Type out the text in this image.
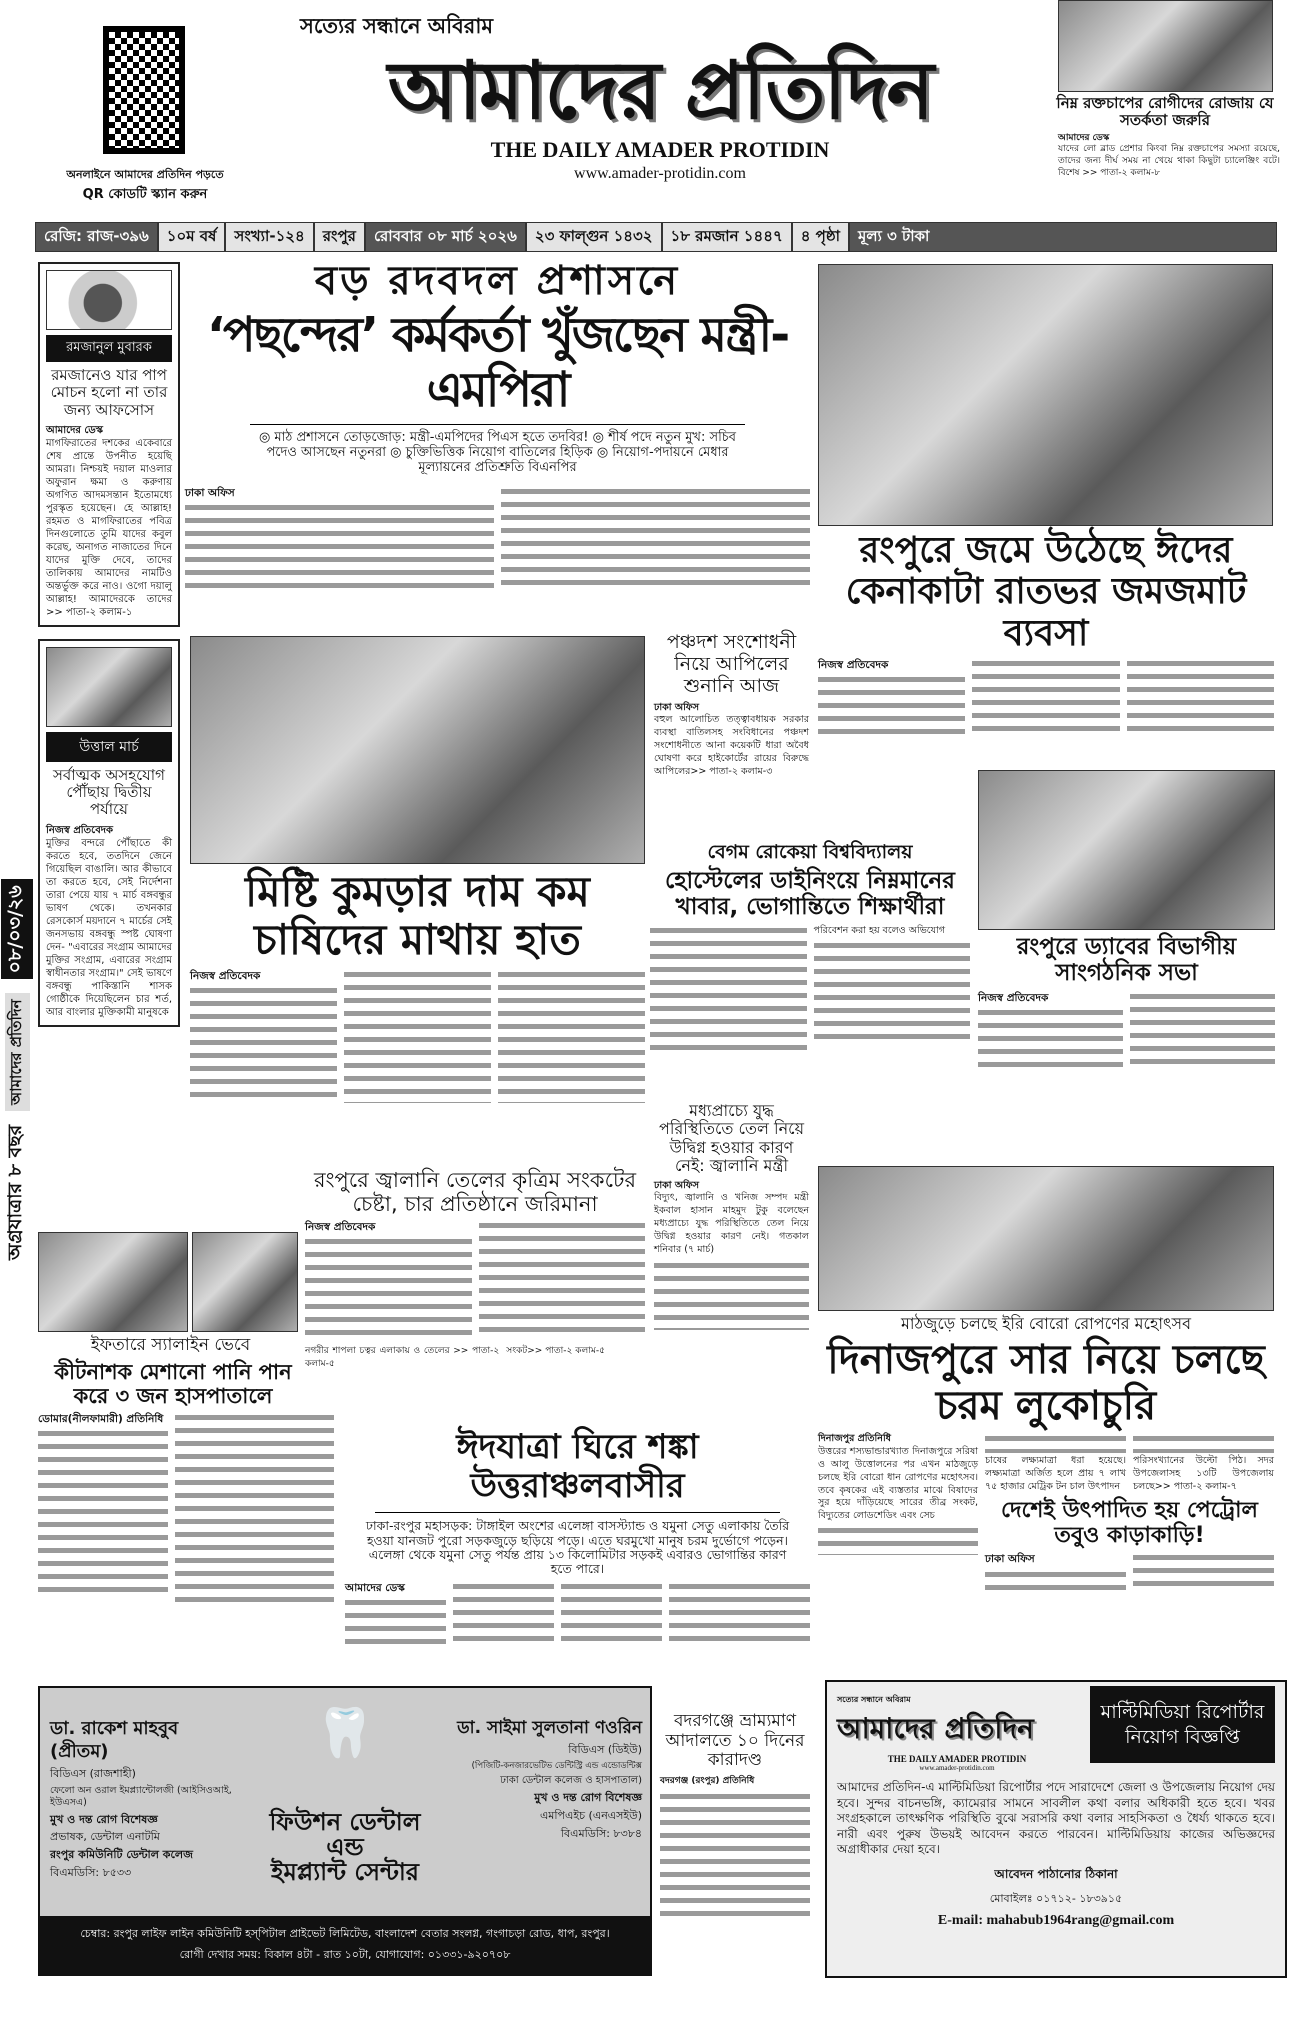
অনলাইনে আমাদের প্রতিদিন পড়তে
QR কোডটি স্ক্যান করুন
সত্যের সন্ধানে অবিরাম
আমাদের প্রতিদিন
THE DAILY AMADER PROTIDIN
www.amader-protidin.com
নিম্ন রক্তচাপের রোগীদের রোজায় যে সতর্কতা জরুরি
আমাদের ডেস্ক
যাদের লো ব্লাড প্রেশার কিংবা নিম্ন রক্তচাপের সমস্যা রয়েছে, তাদের জন্য দীর্ঘ সময় না খেয়ে থাকা কিছুটা চ্যালেঞ্জিং বটে। বিশেষ >> পাতা-২ কলাম-৮
রেজি: রাজ-৩৯৬	১০ম বর্ষ	সংখ্যা-১২৪	রংপুর	রোববার ০৮ মার্চ ২০২৬	২৩ ফাল্গুন ১৪৩২	১৮ রমজান ১৪৪৭	৪ পৃষ্ঠা	মূল্য ৩ টাকা
অগ্রযাত্রার ৮ বছর
আমাদের প্রতিদিন
০৮/০৩/২৬
রমজানুল মুবারক
রমজানেও যার পাপ মোচন হলো না তার জন্য আফসোস
আমাদের ডেস্ক
মাগফিরাতের দশকের একেবারে শেষ প্রান্তে উপনীত হয়েছি আমরা। নিশ্চয়ই দয়াল মাওলার অফুরান ক্ষমা ও করুণায় অগণিত আদমসন্তান ইতোমধ্যে পুরস্কৃত হয়েছেন। হে আল্লাহ! রহমত ও মাগফিরাতের পবিত্র দিনগুলোতে তুমি যাদের কবুল করেছ, অনাগত নাজাতের দিনে যাদের মুক্তি দেবে, তাদের তালিকায় আমাদের নামটিও অন্তর্ভুক্ত করে নাও। ওগো দয়ালু আল্লাহ! আমাদেরকে তাদের >> পাতা-২ কলাম-১
উত্তাল মার্চ
সর্বাত্মক অসহযোগ পৌঁছায় দ্বিতীয় পর্যায়ে
নিজস্ব প্রতিবেদক
মুক্তির বন্দরে পৌঁছাতে কী করতে হবে, ততদিনে জেনে গিয়েছিল বাঙালি। আর কীভাবে তা করতে হবে, সেই নির্দেশনা তারা পেয়ে যায় ৭ মার্চ বঙ্গবন্ধুর ভাষণ থেকে। তখনকার রেসকোর্স ময়দানে ৭ মার্চের সেই জনসভায় বঙ্গবন্ধু স্পষ্ট ঘোষণা দেন- "এবারের সংগ্রাম আমাদের মুক্তির সংগ্রাম, এবারের সংগ্রাম স্বাধীনতার সংগ্রাম।" সেই ভাষণে বঙ্গবন্ধু পাকিস্তানি শাসক গোষ্ঠীকে দিয়েছিলেন চার শর্ত, আর বাংলার মুক্তিকামী মানুষকে
ইফতারে স্যালাইন ভেবে
কীটনাশক মেশানো পানি পান করে ৩ জন হাসপাতালে
ডোমার(নীলফামারী) প্রতিনিধি
বড় রদবদল প্রশাসনে
‘পছন্দের’ কর্মকর্তা খুঁজছেন মন্ত্রী-এমপিরা
◎ মাঠ প্রশাসনে তোড়জোড়: মন্ত্রী-এমপিদের পিএস হতে তদবির! ◎ শীর্ষ পদে নতুন মুখ: সচিব পদেও আসছেন নতুনরা ◎ চুক্তিভিত্তিক নিয়োগ বাতিলের হিড়িক ◎ নিয়োগ-পদায়নে মেধার মূল্যায়নের প্রতিশ্রুতি বিএনপির
ঢাকা অফিস
মিষ্টি কুমড়ার দাম কম চাষিদের মাথায় হাত
নিজস্ব প্রতিবেদক
পঞ্চদশ সংশোধনী নিয়ে আপিলের শুনানি আজ
ঢাকা অফিস
বহুল আলোচিত তত্ত্বাবধায়ক সরকার ব্যবস্থা বাতিলসহ সংবিধানের পঞ্চদশ সংশোধনীতে আনা কয়েকটি ধারা অবৈধ ঘোষণা করে হাইকোর্টের রায়ের বিরুদ্ধে আপিলের>> পাতা-২ কলাম-৩
বেগম রোকেয়া বিশ্ববিদ্যালয়
হোস্টেলের ডাইনিংয়ে নিম্নমানের খাবার, ভোগান্তিতে শিক্ষার্থীরা
পরিবেশন করা হয় বলেও অভিযোগ
রংপুরে জমে উঠেছে ঈদের কেনাকাটা রাতভর জমজমাট ব্যবসা
নিজস্ব প্রতিবেদক
রংপুরে ড্যাবের বিভাগীয় সাংগঠনিক সভা
নিজস্ব প্রতিবেদক
মধ্যপ্রাচ্যে যুদ্ধ পরিস্থিতিতে তেল নিয়ে উদ্বিগ্ন হওয়ার কারণ নেই: জ্বালানি মন্ত্রী
ঢাকা অফিস
বিদ্যুৎ, জ্বালানি ও খনিজ সম্পদ মন্ত্রী ইকবাল হাসান মাহমুদ টুকু বলেছেন মধ্যপ্রাচ্যে যুদ্ধ পরিস্থিতিতে তেল নিয়ে উদ্বিগ্ন হওয়ার কারণ নেই। গতকাল শনিবার (৭ মার্চ)
রংপুরে জ্বালানি তেলের কৃত্রিম সংকটের চেষ্টা, চার প্রতিষ্ঠানে জরিমানা
নিজস্ব প্রতিবেদক
নগরীর শাপলা চত্বর এলাকায় ও তেলের >> পাতা-২ কলাম-৫
সংকট>> পাতা-২ কলাম-৫
ঈদযাত্রা ঘিরে শঙ্কা উত্তরাঞ্চলবাসীর
ঢাকা-রংপুর মহাসড়ক: টাঙ্গাইল অংশের এলেঙ্গা বাসস্ট্যান্ড ও যমুনা সেতু এলাকায় তৈরি হওয়া যানজট পুরো সড়কজুড়ে ছড়িয়ে পড়ে। এতে ঘরমুখো মানুষ চরম দুর্ভোগে পড়েন। এলেঙ্গা থেকে যমুনা সেতু পর্যন্ত প্রায় ১৩ কিলোমিটার সড়কই এবারও ভোগান্তির কারণ হতে পারে।
আমাদের ডেস্ক
বদরগঞ্জে ভ্রাম্যমাণ আদালতে ১০ দিনের কারাদণ্ড
বদরগঞ্জ (রংপুর) প্রতিনিধি
মাঠজুড়ে চলছে ইরি বোরো রোপণের মহোৎসব
দিনাজপুরে সার নিয়ে চলছে চরম লুকোচুরি
দিনাজপুর প্রতিনিধি
উত্তরের শস্যভান্ডারখ্যাত দিনাজপুরে সরিষা ও আলু উত্তোলনের পর এখন মাঠজুড়ে চলছে ইরি বোরো ধান রোপণের মহোৎসব। তবে কৃষকের এই ব্যস্ততার মাঝে বিষাদের সুর হয়ে দাঁড়িয়েছে সারের তীব্র সংকট, বিদ্যুতের লোডশেডিং এবং সেচ
চাষের লক্ষ্যমাত্রা ধরা হয়েছে। লক্ষ্যমাত্রা অর্জিত হলে প্রায় ৭ লাখ ৭৫ হাজার মেট্রিক টন চাল উৎপাদন
পরিসংখ্যানের উল্টো পিঠ। সদর উপজেলাসহ ১৩টি উপজেলায় চলছে>> পাতা-২ কলাম-৭
দেশেই উৎপাদিত হয় পেট্রোল তবুও কাড়াকাড়ি!
ঢাকা অফিস
ডা. রাকেশ মাহবুব (প্রীতম)
বিডিএস (রাজশাহী)
ফেলো অন ওরাল ইমপ্ল্যান্টোলজী (আইসিওআই, ইউএসএ)
মুখ ও দন্ত রোগ বিশেষজ্ঞ
প্রভাষক, ডেন্টাল এনাটমি
রংপুর কমিউনিটি ডেন্টাল কলেজ
বিএমডিসি: ৮৫৩৩
🦷	ডা. সাইমা সুলতানা ণওরিন
বিডিএস (ডিইউ)
(পিজিটি-কনজারভেটিভ ডেন্টিস্ট্রি এন্ড এন্ডোডন্টিক্স
ঢাকা ডেন্টাল কলেজ ও হাসপাতাল)
মুখ ও দন্ত রোগ বিশেষজ্ঞ
এমপিএইচ (এনএসইউ)
বিএমডিসি: ৮৩৮৪
ফিউশন ডেন্টাল
এন্ড
ইমপ্ল্যান্ট সেন্টার
চেম্বার: রংপুর লাইফ লাইন কমিউনিটি হস্‌পিটাল প্রাইভেট লিমিটেড, বাংলাদেশ বেতার সংলগ্ন, গংগাচড়া রোড, ধাপ, রংপুর।
রোগী দেখার সময়: বিকাল ৪টা - রাত ১০টা, যোগাযোগ: ০১৩৩১-৯২০৭০৮
সত্যের সন্ধানে অবিরাম
আমাদের প্রতিদিন
THE DAILY AMADER PROTIDIN
www.amader-protidin.com
মাল্টিমিডিয়া রিপোর্টার
নিয়োগ বিজ্ঞপ্তি
আমাদের প্রতিদিন-এ মাল্টিমিডিয়া রিপোর্টার পদে সারাদেশে জেলা ও উপজেলায় নিয়োগ দেয় হবে। সুন্দর বাচনভঙ্গি, ক্যামেরার সামনে সাবলীল কথা বলার অধিকারী হতে হবে। খবর সংগ্রহকালে তাৎক্ষণিক পরিস্থিতি বুঝে সরাসরি কথা বলার সাহসিকতা ও ধৈর্য্য থাকতে হবে। নারী এবং পুরুষ উভয়ই আবেদন করতে পারবেন। মাল্টিমিডিয়ায় কাজের অভিজ্ঞদের অগ্রাধীকার দেয়া হবে।
আবেদন পাঠানোর ঠিকানা
মোবাইলঃ ০১৭১২- ১৮৩৯১৫
E-mail: mahabub1964rang@gmail.com
